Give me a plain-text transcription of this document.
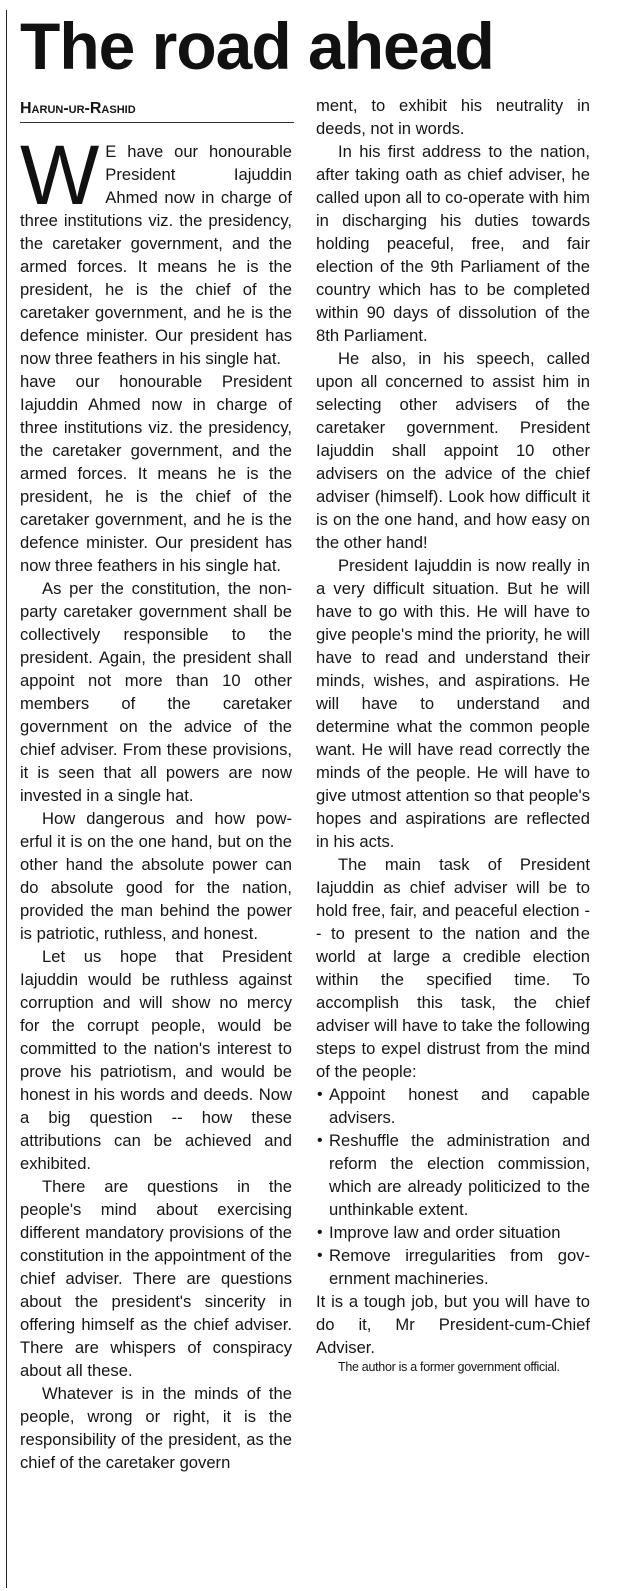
The road ahead
Harun-ur-Rashid

W E have our honourable President Iajuddin Ahmed now in charge of three institutions viz. the presidency, the caretaker government, and the armed forces. It means he is the president, he is the chief of the caretaker government, and he is the defence minister. Our president has now three feathers in his single hat.

have our honourable President Iajuddin Ahmed now in charge of three institutions viz. the presidency, the caretaker government, and the armed forces. It means he is the president, he is the chief of the caretaker government, and he is the defence minister. Our president has now three feathers in his single hat.

As per the constitution, the non-party caretaker government shall be collectively responsible to the president. Again, the president shall appoint not more than 10 other members of the caretaker government on the advice of the chief adviser. From these provisions, it is seen that all powers are now invested in a single hat.

How dangerous and how powerful it is on the one hand, but on the other hand the absolute power can do absolute good for the nation, provided the man behind the power is patriotic, ruthless, and honest.

Let us hope that President Iajuddin would be ruthless against corruption and will show no mercy for the corrupt people, would be committed to the nation's interest to prove his patriotism, and would be honest in his words and deeds. Now a big question -- how these attributions can be achieved and exhibited.

There are questions in the people's mind about exercising different mandatory provisions of the constitution in the appointment of the chief adviser. There are questions about the president's sincerity in offering himself as the chief adviser. There are whispers of conspiracy about all these.

Whatever is in the minds of the people, wrong or right, it is the responsibility of the president, as the chief of the caretaker govern

ment, to exhibit his neutrality in deeds, not in words.

In his first address to the nation, after taking oath as chief adviser, he called upon all to co-operate with him in discharging his duties towards holding peaceful, free, and fair election of the 9th Parliament of the country which has to be completed within 90 days of dissolution of the 8th Parliament.

He also, in his speech, called upon all concerned to assist him in selecting other advisers of the caretaker government. President Iajuddin shall appoint 10 other advisers on the advice of the chief adviser (himself). Look how difficult it is on the one hand, and how easy on the other hand!

President Iajuddin is now really in a very difficult situation. But he will have to go with this. He will have to give people's mind the priority, he will have to read and understand their minds, wishes, and aspirations. He will have to understand and determine what the common people want. He will have read correctly the minds of the people. He will have to give utmost attention so that people's hopes and aspirations are reflected in his acts.

The main task of President Iajuddin as chief adviser will be to hold free, fair, and peaceful election -- to present to the nation and the world at large a credible election within the specified time. To accomplish this task, the chief adviser will have to take the following steps to expel distrust from the mind of the people:

• Appoint honest and capable advisers.
• Reshuffle the administration and reform the election commission, which are already politicized to the unthinkable extent.
• Improve law and order situation
• Remove irregularities from government machineries.

It is a tough job, but you will have to do it, Mr President-cum-Chief Adviser.

The author is a former government official.
